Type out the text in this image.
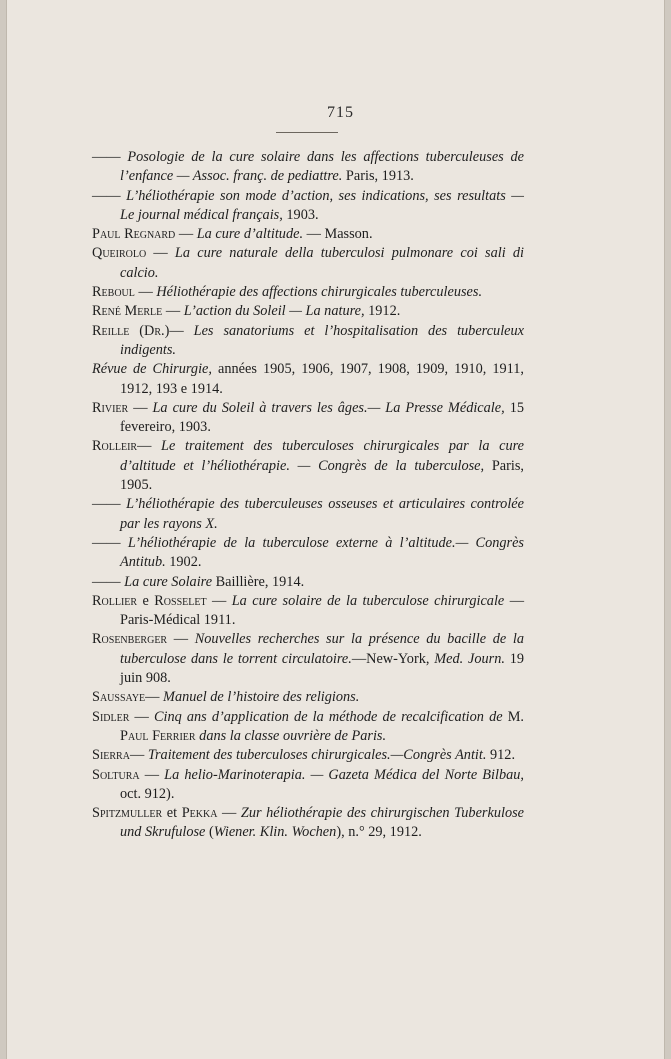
715
—— Posologie de la cure solaire dans les affections tuberculeuses de l’enfance — Assoc. franç. de pediattre. Paris, 1913.
—— L’héliothérapie son mode d’action, ses indications, ses resultats — Le journal médical français, 1903.
Paul Regnard — La cure d’altitude. — Masson.
Queirolo — La cure naturale della tuberculosi pulmonare coi sali di calcio.
Reboul — Héliothérapie des affections chirurgicales tuberculeuses.
René Merle — L’action du Soleil — La nature, 1912.
Reille (Dr.)— Les sanatoriums et l’hospitalisation des tuberculeux indigents.
Révue de Chirurgie, années 1905, 1906, 1907, 1908, 1909, 1910, 1911, 1912, 193 e 1914.
Rivier — La cure du Soleil à travers les âges.— La Presse Médicale, 15 fevereiro, 1903.
Rolleir— Le traitement des tuberculoses chirurgicales par la cure d’altitude et l’héliothérapie. — Congrès de la tuberculose, Paris, 1905.
—— L’héliothérapie des tuberculeuses osseuses et articulaires controlée par les rayons X.
—— L’héliothérapie de la tuberculose externe à l’altitude.— Congrès Antitub. 1902.
—— La cure Solaire Baillière, 1914.
Rollier e Rosselet — La cure solaire de la tuberculose chirurgicale — Paris-Médical 1911.
Rosenberger — Nouvelles recherches sur la présence du bacille de la tuberculose dans le torrent circulatoire.—New-York, Med. Journ. 19 juin 908.
Saussaye— Manuel de l’histoire des religions.
Sidler — Cinq ans d’application de la méthode de recalcification de M. Paul Ferrier dans la classe ouvrière de Paris.
Sierra— Traitement des tuberculoses chirurgicales.—Congrès Antit. 912.
Soltura — La helio-Marinoterapia. — Gazeta Médica del Norte Bilbau, oct. 912).
Spitzmuller et Pekka — Zur héliothérapie des chirurgischen Tuberkulose und Skrufulose (Wiener. Klin. Wochen), n.° 29, 1912.
